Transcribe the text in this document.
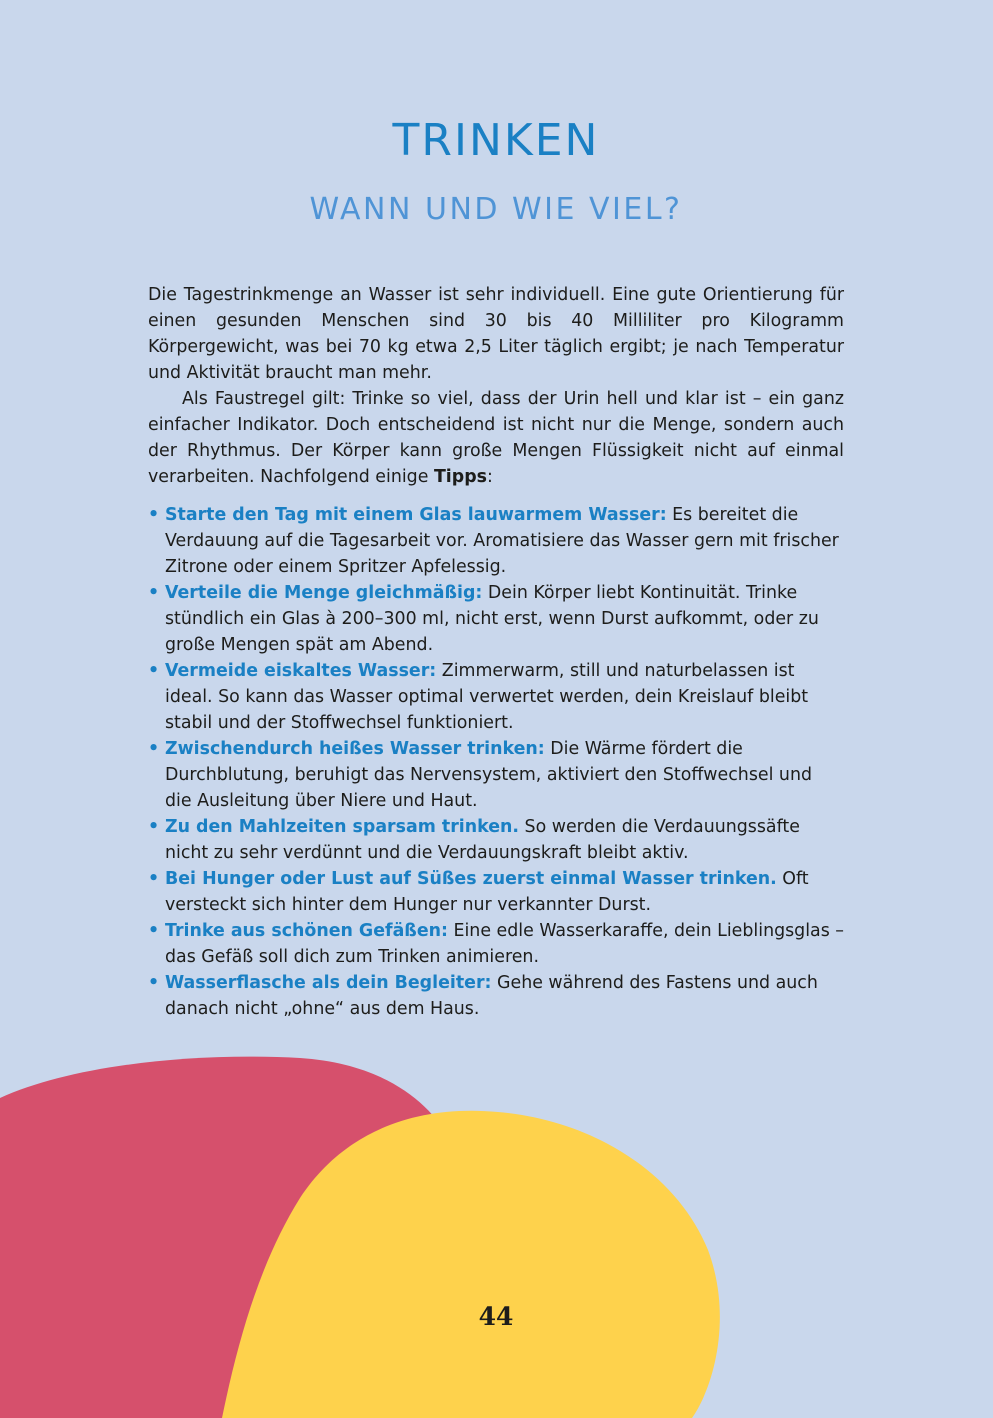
TRINKEN
WANN UND WIE VIEL?

Die Tagestrinkmenge an Wasser ist sehr individuell. Eine gute Orientierung für einen gesunden Menschen sind 30 bis 40 Milliliter pro Kilogramm Körpergewicht, was bei 70 kg etwa 2,5 Liter täglich ergibt; je nach Temperatur und Aktivität braucht man mehr.

Als Faustregel gilt: Trinke so viel, dass der Urin hell und klar ist – ein ganz einfacher Indikator. Doch entscheidend ist nicht nur die Menge, sondern auch der Rhythmus. Der Körper kann große Mengen Flüssigkeit nicht auf einmal verarbeiten. Nachfolgend einige Tipps:

• Starte den Tag mit einem Glas lauwarmem Wasser: Es bereitet die Verdauung auf die Tagesarbeit vor. Aromatisiere das Wasser gern mit frischer Zitrone oder einem Spritzer Apfelessig.
• Verteile die Menge gleichmäßig: Dein Körper liebt Kontinuität. Trinke stündlich ein Glas à 200–300 ml, nicht erst, wenn Durst aufkommt, oder zu große Mengen spät am Abend.
• Vermeide eiskaltes Wasser: Zimmerwarm, still und naturbelassen ist ideal. So kann das Wasser optimal verwertet werden, dein Kreislauf bleibt stabil und der Stoffwechsel funktioniert.
• Zwischendurch heißes Wasser trinken: Die Wärme fördert die Durchblutung, beruhigt das Nervensystem, aktiviert den Stoffwechsel und die Ausleitung über Niere und Haut.
• Zu den Mahlzeiten sparsam trinken. So werden die Verdauungssäfte nicht zu sehr verdünnt und die Verdauungskraft bleibt aktiv.
• Bei Hunger oder Lust auf Süßes zuerst einmal Wasser trinken. Oft versteckt sich hinter dem Hunger nur verkannter Durst.
• Trinke aus schönen Gefäßen: Eine edle Wasserkaraffe, dein Lieblingsglas – das Gefäß soll dich zum Trinken animieren.
• Wasserflasche als dein Begleiter: Gehe während des Fastens und auch danach nicht „ohne“ aus dem Haus.
44
